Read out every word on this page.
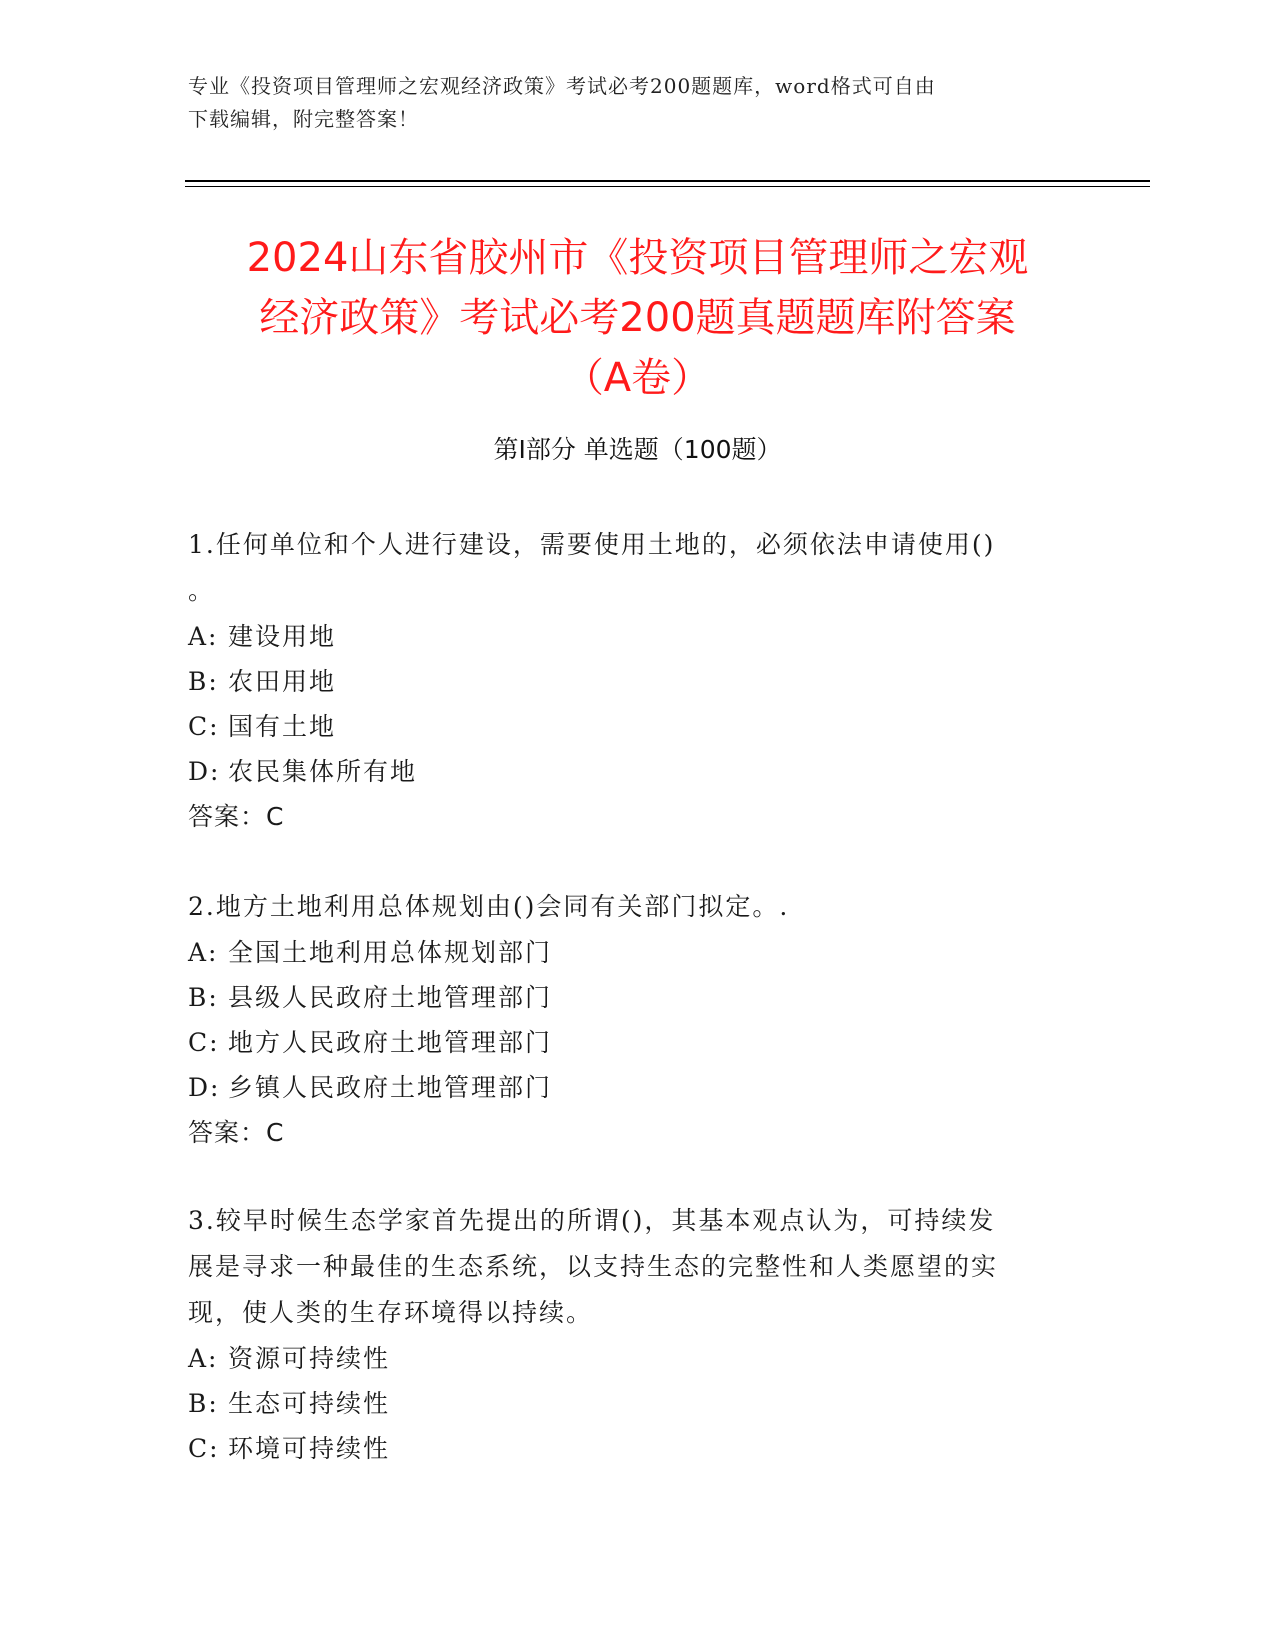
专业《投资项目管理师之宏观经济政策》考试必考200题题库，word格式可自由
下载编辑，附完整答案！
2024山东省胶州市《投资项目管理师之宏观
经济政策》考试必考200题真题题库附答案
（A卷）
第Ⅰ部分 单选题（100题）

1.任何单位和个人进行建设，需要使用土地的，必须依法申请使用()

。

A: 建设用地

B: 农田用地

C: 国有土地

D: 农民集体所有地

答案：C

2.地方土地利用总体规划由()会同有关部门拟定。.

A: 全国土地利用总体规划部门

B: 县级人民政府土地管理部门

C: 地方人民政府土地管理部门

D: 乡镇人民政府土地管理部门

答案：C

3.较早时候生态学家首先提出的所谓()，其基本观点认为，可持续发

展是寻求一种最佳的生态系统，以支持生态的完整性和人类愿望的实

现，使人类的生存环境得以持续。

A: 资源可持续性

B: 生态可持续性

C: 环境可持续性
